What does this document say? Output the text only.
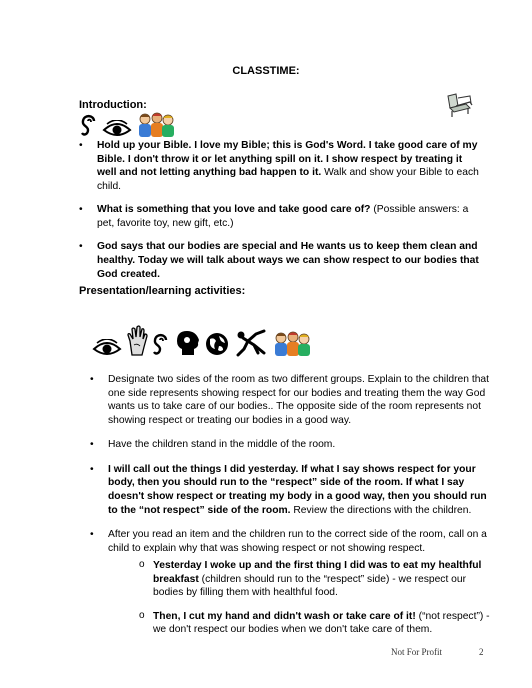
CLASSTIME:
Introduction:
• Hold up your Bible. I love my Bible; this is God's Word. I take good care of my Bible. I don't throw it or let anything spill on it. I show respect by treating it well and not letting anything bad happen to it. Walk and show your Bible to each child.
• What is something that you love and take good care of? (Possible answers: a pet, favorite toy, new gift, etc.)
• God says that our bodies are special and He wants us to keep them clean and healthy. Today we will talk about ways we can show respect to our bodies that God created.
Presentation/learning activities:
• Designate two sides of the room as two different groups. Explain to the children that one side represents showing respect for our bodies and treating them the way God wants us to take care of our bodies.. The opposite side of the room represents not showing respect or treating our bodies in a good way.
• Have the children stand in the middle of the room.
• I will call out the things I did yesterday. If what I say shows respect for your body, then you should run to the “respect” side of the room. If what I say doesn't show respect or treating my body in a good way, then you should run to the “not respect” side of the room. Review the directions with the children.
• After you read an item and the children run to the correct side of the room, call on a child to explain why that was showing respect or not showing respect.
o Yesterday I woke up and the first thing I did was to eat my healthful breakfast (children should run to the “respect” side) - we respect our bodies by filling them with healthful food.
o Then, I cut my hand and didn't wash or take care of it! (“not respect”) - we don't respect our bodies when we don't take care of them.
Not For Profit	2
